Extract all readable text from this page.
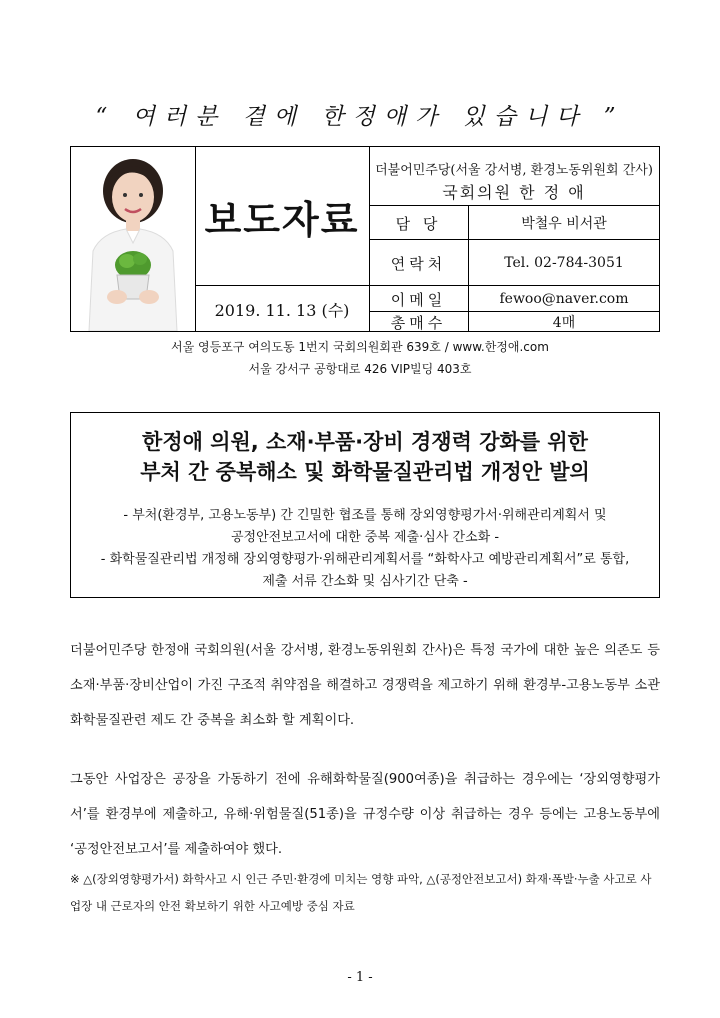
“ 여러분 곁에 한정애가 있습니다 ”
보도자료
2019. 11. 13 (수)
더불어민주당(서울 강서병, 환경노동위원회 간사)
국회의원 한 정 애
담 당	박철우 비서관
연락처	Tel. 02-784-3051
이메일	fewoo@naver.com
총매수	4매
서울 영등포구 여의도동 1번지 국회의원회관 639호 / www.한정애.com
서울 강서구 공항대로 426 VIP빌딩 403호
한정애 의원, 소재·부품·장비 경쟁력 강화를 위한
부처 간 중복해소 및 화학물질관리법 개정안 발의
- 부처(환경부, 고용노동부) 간 긴밀한 협조를 통해 장외영향평가서·위해관리계획서 및
공정안전보고서에 대한 중복 제출·심사 간소화 -
- 화학물질관리법 개정해 장외영향평가·위해관리계획서를 “화학사고 예방관리계획서”로 통합,
제출 서류 간소화 및 심사기간 단축 -
더불어민주당 한정애 국회의원(서울 강서병, 환경노동위원회 간사)은 특정 국가에 대한 높은 의존도 등 소재·부품·장비산업이 가진 구조적 취약점을 해결하고 경쟁력을 제고하기 위해 환경부-고용노동부 소관 화학물질관련 제도 간 중복을 최소화 할 계획이다.
그동안 사업장은 공장을 가동하기 전에 유해화학물질(900여종)을 취급하는 경우에는 ‘장외영향평가서’를 환경부에 제출하고, 유해·위험물질(51종)을 규정수량 이상 취급하는 경우 등에는 고용노동부에 ‘공정안전보고서’를 제출하여야 했다.
※ △(장외영향평가서) 화학사고 시 인근 주민·환경에 미치는 영향 파악, △(공정안전보고서) 화재·폭발·누출 사고로 사업장 내 근로자의 안전 확보하기 위한 사고예방 중심 자료
- 1 -
